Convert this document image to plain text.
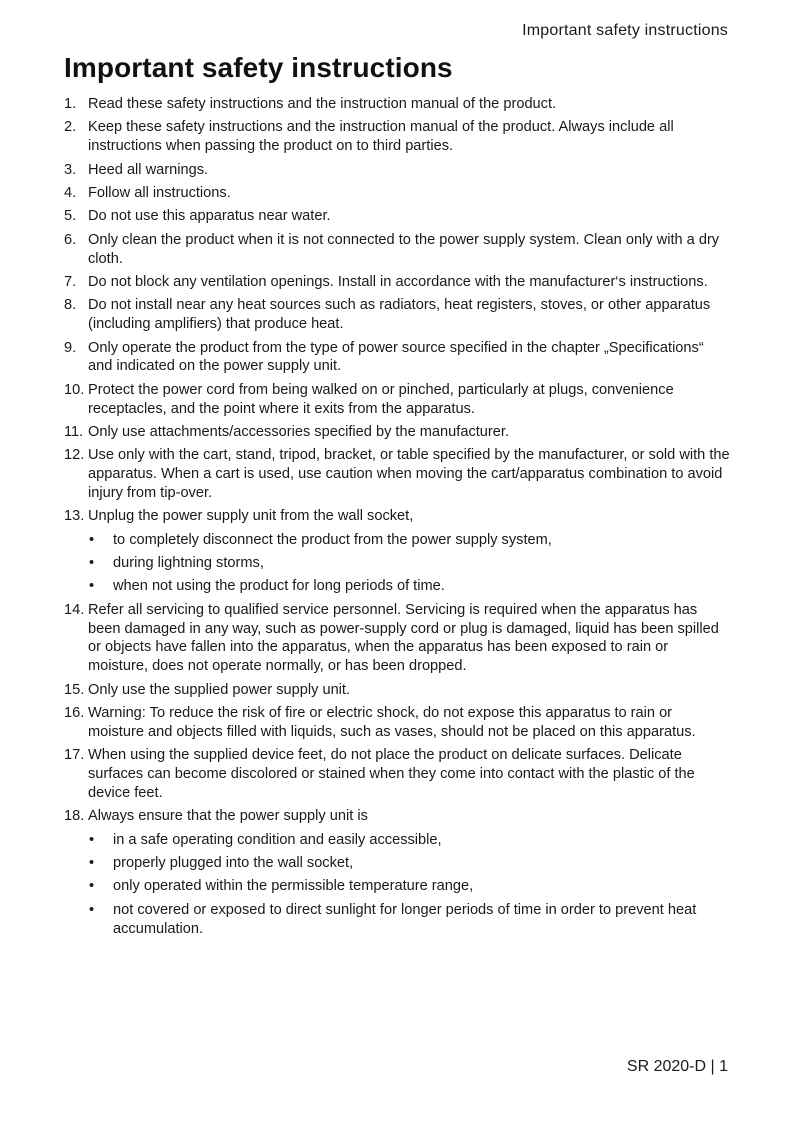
Important safety instructions
Important safety instructions
1. Read these safety instructions and the instruction manual of the product.
2. Keep these safety instructions and the instruction manual of the product. Always include all instructions when passing the product on to third parties.
3. Heed all warnings.
4. Follow all instructions.
5. Do not use this apparatus near water.
6. Only clean the product when it is not connected to the power supply system. Clean only with a dry cloth.
7. Do not block any ventilation openings. Install in accordance with the manufacturer‘s instructions.
8. Do not install near any heat sources such as radiators, heat registers, stoves, or other apparatus (including amplifiers) that produce heat.
9. Only operate the product from the type of power source specified in the chapter „Specifications“ and indicated on the power supply unit.
10. Protect the power cord from being walked on or pinched, particularly at plugs, convenience receptacles, and the point where it exits from the apparatus.
11. Only use attachments/accessories specified by the manufacturer.
12. Use only with the cart, stand, tripod, bracket, or table specified by the manufacturer, or sold with the apparatus. When a cart is used, use caution when moving the cart/apparatus combination to avoid injury from tip-over.
13. Unplug the power supply unit from the wall socket,
• to completely disconnect the product from the power supply system,
• during lightning storms,
• when not using the product for long periods of time.
14. Refer all servicing to qualified service personnel. Servicing is required when the apparatus has been damaged in any way, such as power-supply cord or plug is damaged, liquid has been spilled or objects have fallen into the apparatus, when the apparatus has been exposed to rain or moisture, does not operate normally, or has been dropped.
15. Only use the supplied power supply unit.
16. Warning: To reduce the risk of fire or electric shock, do not expose this apparatus to rain or moisture and objects filled with liquids, such as vases, should not be placed on this apparatus.
17. When using the supplied device feet, do not place the product on delicate surfaces. Delicate surfaces can become discolored or stained when they come into contact with the plastic of the device feet.
18. Always ensure that the power supply unit is
• in a safe operating condition and easily accessible,
• properly plugged into the wall socket,
• only operated within the permissible temperature range,
• not covered or exposed to direct sunlight for longer periods of time in order to prevent heat accumulation.
SR 2020-D | 1
